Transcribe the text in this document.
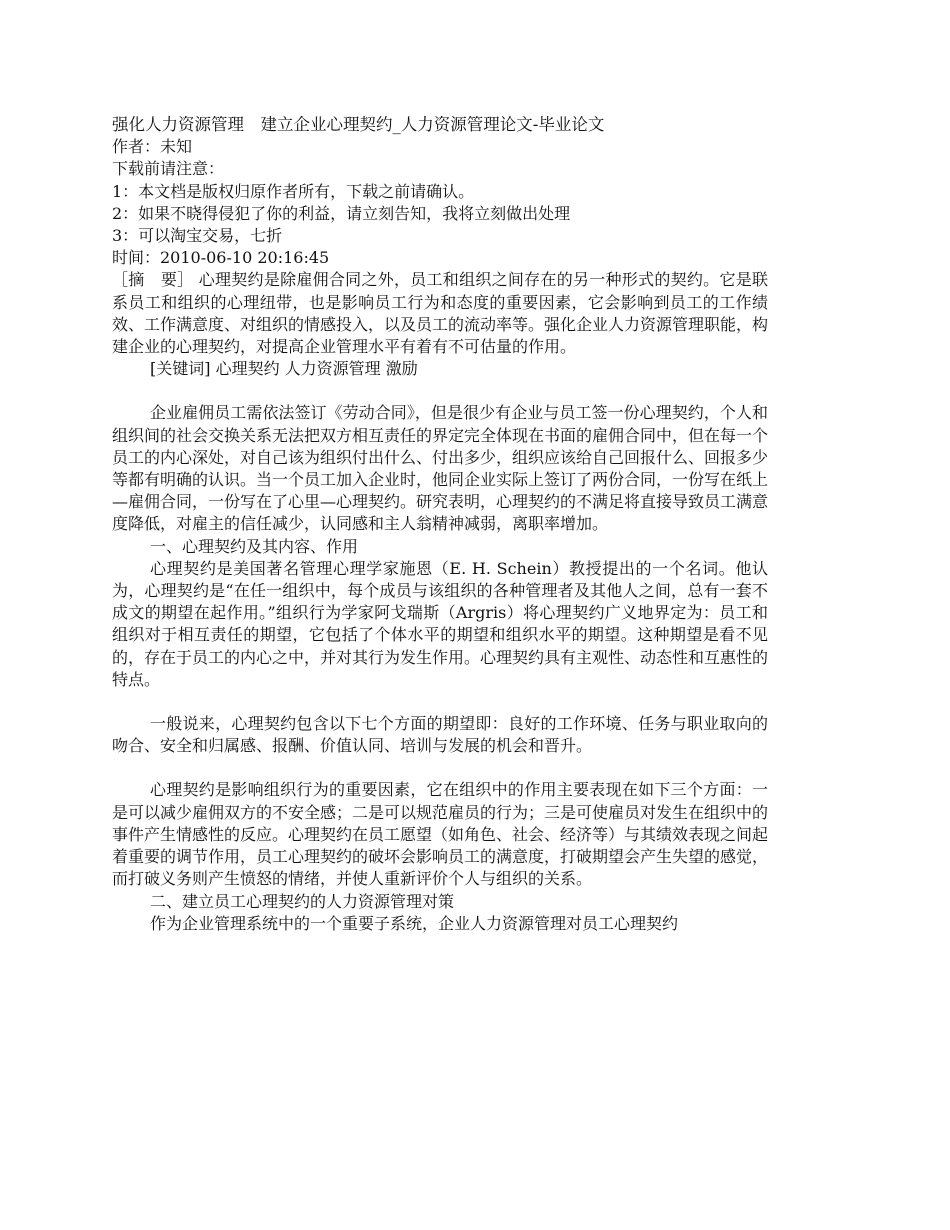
强化人力资源管理　建立企业心理契约_人力资源管理论文-毕业论文
作者：未知
下载前请注意：
1：本文档是版权归原作者所有，下载之前请确认。
2：如果不晓得侵犯了你的利益，请立刻告知，我将立刻做出处理
3：可以淘宝交易，七折
时间：2010-06-10 20:16:45

［摘　要］ 心理契约是除雇佣合同之外，员工和组织之间存在的另一种形式的契约。它是联系员工和组织的心理纽带，也是影响员工行为和态度的重要因素，它会影响到员工的工作绩效、工作满意度、对组织的情感投入，以及员工的流动率等。强化企业人力资源管理职能，构建企业的心理契约，对提高企业管理水平有着有不可估量的作用。

[关键词] 心理契约 人力资源管理 激励

企业雇佣员工需依法签订《劳动合同》，但是很少有企业与员工签一份心理契约，个人和组织间的社会交换关系无法把双方相互责任的界定完全体现在书面的雇佣合同中，但在每一个员工的内心深处，对自己该为组织付出什么、付出多少，组织应该给自己回报什么、回报多少等都有明确的认识。当一个员工加入企业时，他同企业实际上签订了两份合同，一份写在纸上—雇佣合同，一份写在了心里—心理契约。研究表明，心理契约的不满足将直接导致员工满意度降低，对雇主的信任减少，认同感和主人翁精神减弱，离职率增加。

一、心理契约及其内容、作用

心理契约是美国著名管理心理学家施恩（E. H. Schein）教授提出的一个名词。他认为，心理契约是“在任一组织中，每个成员与该组织的各种管理者及其他人之间，总有一套不成文的期望在起作用。”组织行为学家阿戈瑞斯（Argris）将心理契约广义地界定为：员工和组织对于相互责任的期望，它包括了个体水平的期望和组织水平的期望。这种期望是看不见的，存在于员工的内心之中，并对其行为发生作用。心理契约具有主观性、动态性和互惠性的特点。

一般说来，心理契约包含以下七个方面的期望即：良好的工作环境、任务与职业取向的吻合、安全和归属感、报酬、价值认同、培训与发展的机会和晋升。

心理契约是影响组织行为的重要因素，它在组织中的作用主要表现在如下三个方面：一是可以减少雇佣双方的不安全感；二是可以规范雇员的行为；三是可使雇员对发生在组织中的事件产生情感性的反应。心理契约在员工愿望（如角色、社会、经济等）与其绩效表现之间起着重要的调节作用，员工心理契约的破坏会影响员工的满意度，打破期望会产生失望的感觉，而打破义务则产生愤怒的情绪，并使人重新评价个人与组织的关系。

二、建立员工心理契约的人力资源管理对策

作为企业管理系统中的一个重要子系统，企业人力资源管理对员工心理契约
